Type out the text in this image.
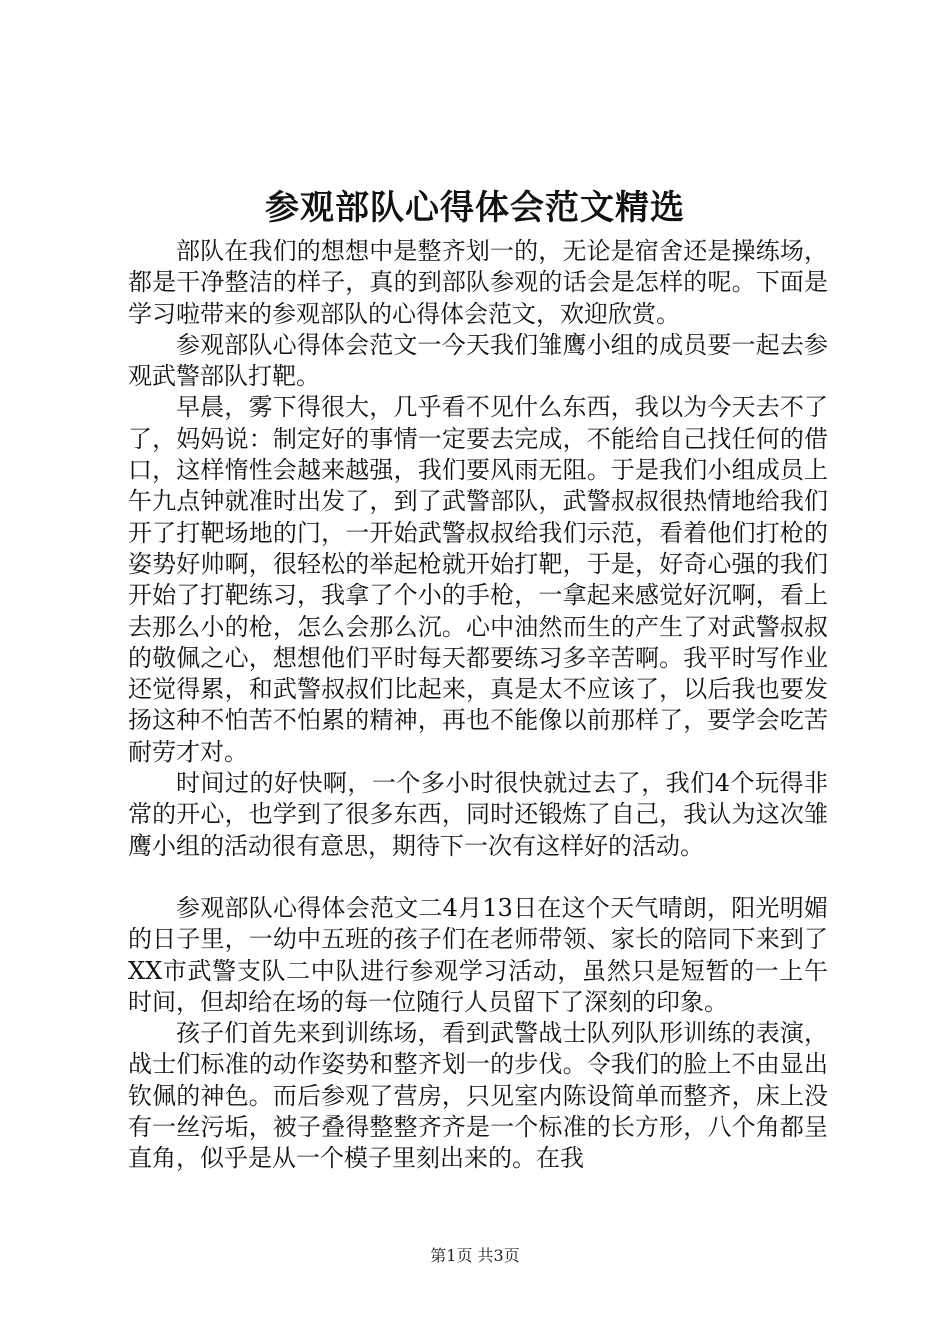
参观部队心得体会范文精选

部队在我们的想想中是整齐划一的，无论是宿舍还是操练场，都是干净整洁的样子，真的到部队参观的话会是怎样的呢。下面是学习啦带来的参观部队的心得体会范文，欢迎欣赏。

参观部队心得体会范文一今天我们雏鹰小组的成员要一起去参观武警部队打靶。

早晨，雾下得很大，几乎看不见什么东西，我以为今天去不了了，妈妈说：制定好的事情一定要去完成，不能给自己找任何的借口，这样惰性会越来越强，我们要风雨无阻。于是我们小组成员上午九点钟就准时出发了，到了武警部队，武警叔叔很热情地给我们开了打靶场地的门，一开始武警叔叔给我们示范，看着他们打枪的姿势好帅啊，很轻松的举起枪就开始打靶，于是，好奇心强的我们开始了打靶练习，我拿了个小的手枪，一拿起来感觉好沉啊，看上去那么小的枪，怎么会那么沉。心中油然而生的产生了对武警叔叔的敬佩之心，想想他们平时每天都要练习多辛苦啊。我平时写作业还觉得累，和武警叔叔们比起来，真是太不应该了，以后我也要发扬这种不怕苦不怕累的精神，再也不能像以前那样了，要学会吃苦耐劳才对。

时间过的好快啊，一个多小时很快就过去了，我们4个玩得非常的开心，也学到了很多东西，同时还锻炼了自己，我认为这次雏鹰小组的活动很有意思，期待下一次有这样好的活动。

参观部队心得体会范文二4月13日在这个天气晴朗，阳光明媚的日子里，一幼中五班的孩子们在老师带领、家长的陪同下来到了XX市武警支队二中队进行参观学习活动，虽然只是短暂的一上午时间，但却给在场的每一位随行人员留下了深刻的印象。

孩子们首先来到训练场，看到武警战士队列队形训练的表演，战士们标准的动作姿势和整齐划一的步伐。令我们的脸上不由显出钦佩的神色。而后参观了营房，只见室内陈设简单而整齐，床上没有一丝污垢，被子叠得整整齐齐是一个标准的长方形，八个角都呈直角，似乎是从一个模子里刻出来的。在我

第1页 共3页
